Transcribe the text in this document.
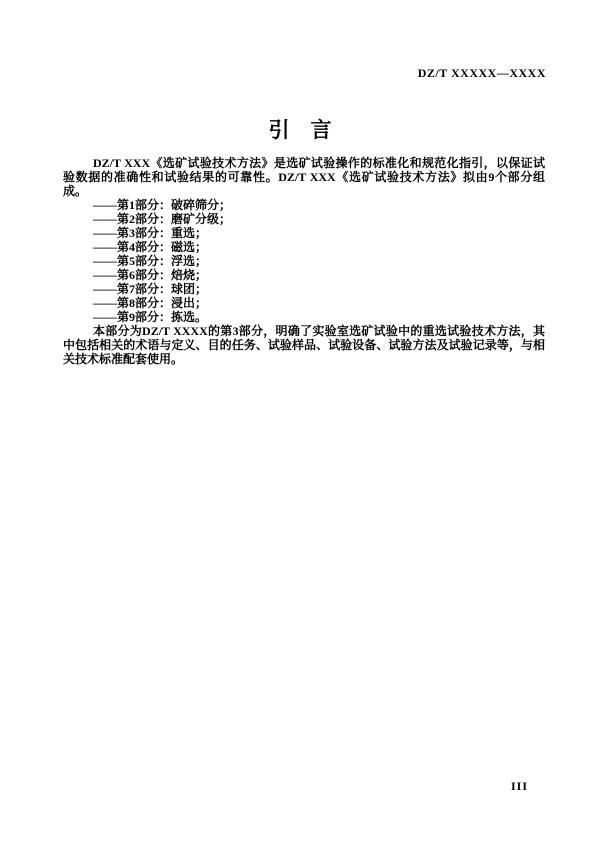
DZ/T XXXXX—XXXX
引　言

DZ/T XXX《选矿试验技术方法》是选矿试验操作的标准化和规范化指引，以保证试验数据的准确性和试验结果的可靠性。DZ/T XXX《选矿试验技术方法》拟由9个部分组成。

——第1部分：破碎筛分；

——第2部分：磨矿分级；

——第3部分：重选；

——第4部分：磁选；

——第5部分：浮选；

——第6部分：焙烧；

——第7部分：球团；

——第8部分：浸出；

——第9部分：拣选。

本部分为DZ/T XXXX的第3部分，明确了实验室选矿试验中的重选试验技术方法，其中包括相关的术语与定义、目的任务、试验样品、试验设备、试验方法及试验记录等，与相关技术标准配套使用。

III
